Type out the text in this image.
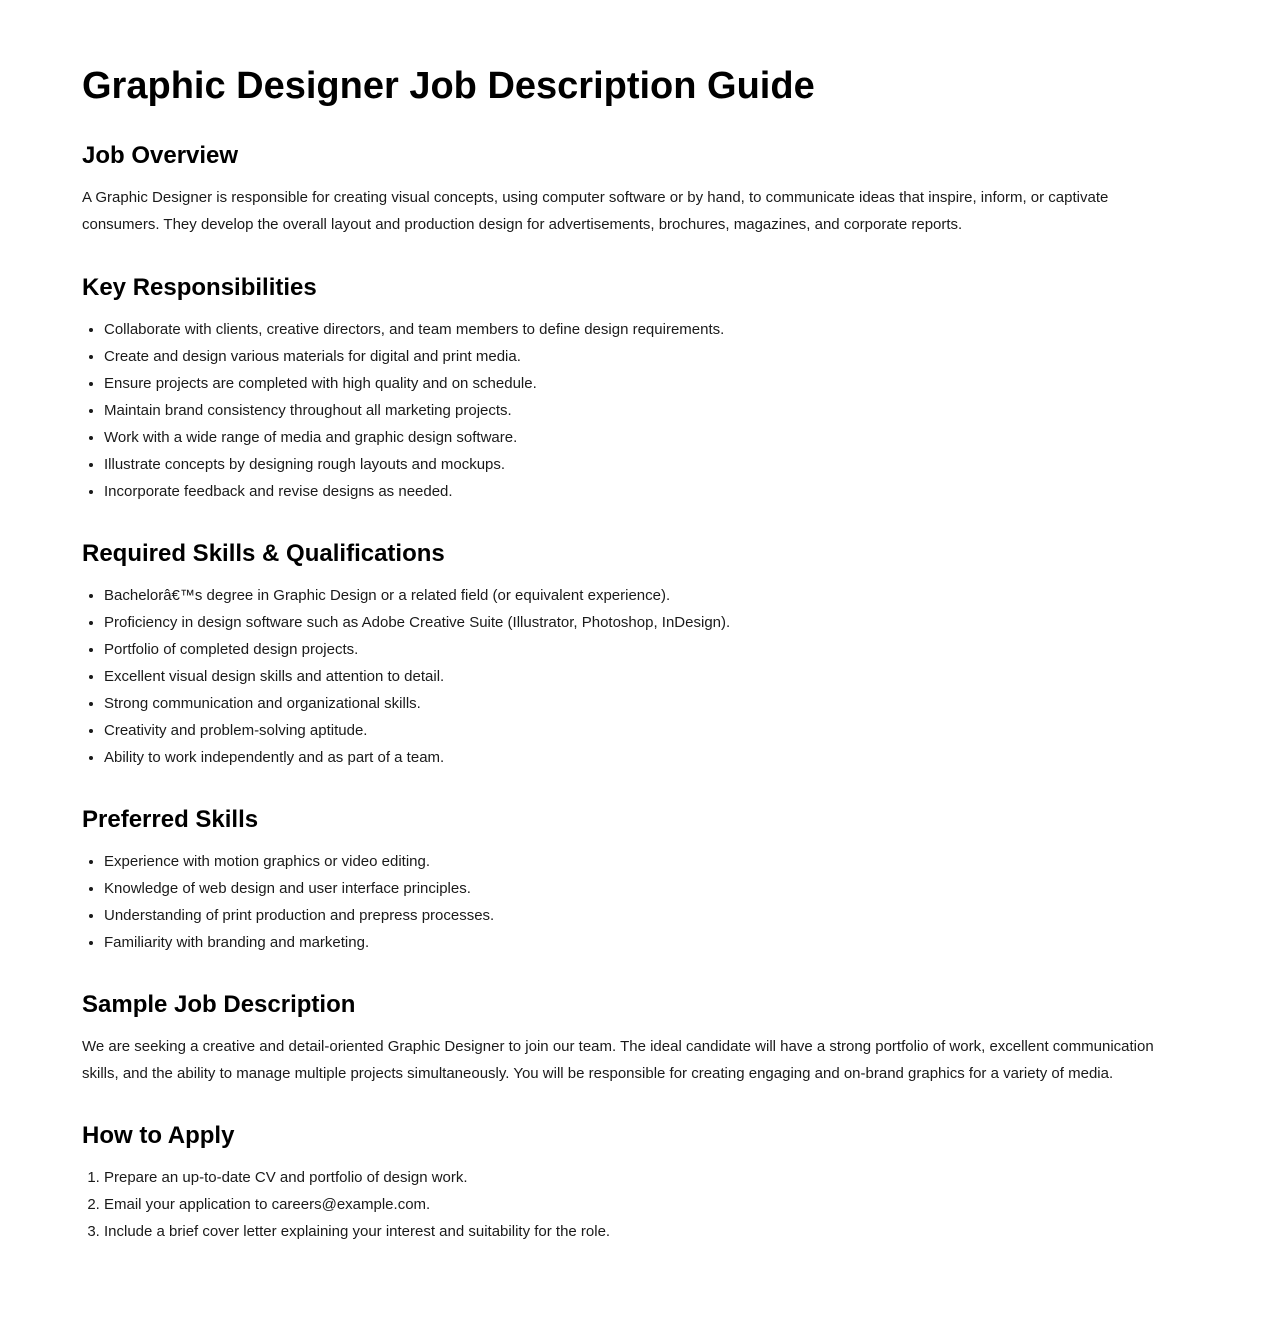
Graphic Designer Job Description Guide
Job Overview

A Graphic Designer is responsible for creating visual concepts, using computer software or by hand, to communicate ideas that inspire, inform, or captivate consumers. They develop the overall layout and production design for advertisements, brochures, magazines, and corporate reports.

Key Responsibilities
• Collaborate with clients, creative directors, and team members to define design requirements.
• Create and design various materials for digital and print media.
• Ensure projects are completed with high quality and on schedule.
• Maintain brand consistency throughout all marketing projects.
• Work with a wide range of media and graphic design software.
• Illustrate concepts by designing rough layouts and mockups.
• Incorporate feedback and revise designs as needed.
Required Skills & Qualifications
• Bachelorâ€™s degree in Graphic Design or a related field (or equivalent experience).
• Proficiency in design software such as Adobe Creative Suite (Illustrator, Photoshop, InDesign).
• Portfolio of completed design projects.
• Excellent visual design skills and attention to detail.
• Strong communication and organizational skills.
• Creativity and problem-solving aptitude.
• Ability to work independently and as part of a team.
Preferred Skills
• Experience with motion graphics or video editing.
• Knowledge of web design and user interface principles.
• Understanding of print production and prepress processes.
• Familiarity with branding and marketing.
Sample Job Description

We are seeking a creative and detail-oriented Graphic Designer to join our team. The ideal candidate will have a strong portfolio of work, excellent communication skills, and the ability to manage multiple projects simultaneously. You will be responsible for creating engaging and on-brand graphics for a variety of media.

How to Apply
1. Prepare an up-to-date CV and portfolio of design work.
2. Email your application to careers@example.com.
3. Include a brief cover letter explaining your interest and suitability for the role.
